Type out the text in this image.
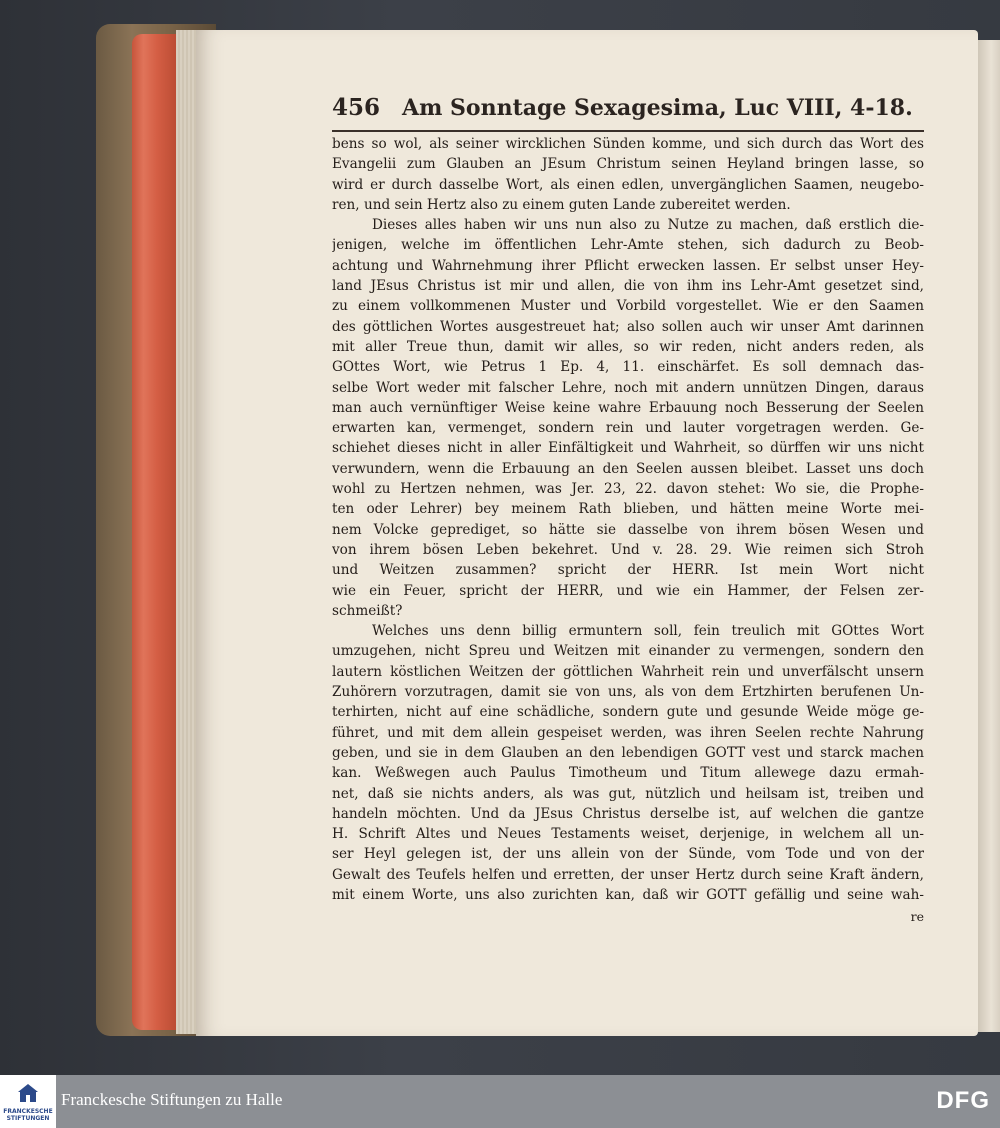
456 Am Sonntage Sexagesima, Luc VIII, 4-18.
bens so wol, als seiner wircklichen Sünden komme, und sich durch das Wort des
Evangelii zum Glauben an JEsum Christum seinen Heyland bringen lasse, so
wird er durch dasselbe Wort, als einen edlen, unvergänglichen Saamen, neugebo-
ren, und sein Hertz also zu einem guten Lande zubereitet werden.
Dieses alles haben wir uns nun also zu Nutze zu machen, daß erstlich die-
jenigen, welche im öffentlichen Lehr-Amte stehen, sich dadurch zu Beob-
achtung und Wahrnehmung ihrer Pflicht erwecken lassen. Er selbst unser Hey-
land JEsus Christus ist mir und allen, die von ihm ins Lehr-Amt gesetzet sind,
zu einem vollkommenen Muster und Vorbild vorgestellet. Wie er den Saamen
des göttlichen Wortes ausgestreuet hat; also sollen auch wir unser Amt darinnen
mit aller Treue thun, damit wir alles, so wir reden, nicht anders reden, als
GOttes Wort, wie Petrus 1 Ep. 4, 11. einschärfet. Es soll demnach das-
selbe Wort weder mit falscher Lehre, noch mit andern unnützen Dingen, daraus
man auch vernünftiger Weise keine wahre Erbauung noch Besserung der Seelen
erwarten kan, vermenget, sondern rein und lauter vorgetragen werden. Ge-
schiehet dieses nicht in aller Einfältigkeit und Wahrheit, so dürffen wir uns nicht
verwundern, wenn die Erbauung an den Seelen aussen bleibet. Lasset uns doch
wohl zu Hertzen nehmen, was Jer. 23, 22. davon stehet: Wo sie, die Prophe-
ten oder Lehrer) bey meinem Rath blieben, und hätten meine Worte mei-
nem Volcke geprediget, so hätte sie dasselbe von ihrem bösen Wesen und
von ihrem bösen Leben bekehret. Und v. 28. 29. Wie reimen sich Stroh
und Weitzen zusammen? spricht der HERR. Ist mein Wort nicht
wie ein Feuer, spricht der HERR, und wie ein Hammer, der Felsen zer-
schmeißt?
Welches uns denn billig ermuntern soll, fein treulich mit GOttes Wort
umzugehen, nicht Spreu und Weitzen mit einander zu vermengen, sondern den
lautern köstlichen Weitzen der göttlichen Wahrheit rein und unverfälscht unsern
Zuhörern vorzutragen, damit sie von uns, als von dem Ertzhirten berufenen Un-
terhirten, nicht auf eine schädliche, sondern gute und gesunde Weide möge ge-
führet, und mit dem allein gespeiset werden, was ihren Seelen rechte Nahrung
geben, und sie in dem Glauben an den lebendigen GOTT vest und starck machen
kan. Weßwegen auch Paulus Timotheum und Titum allewege dazu ermah-
net, daß sie nichts anders, als was gut, nützlich und heilsam ist, treiben und
handeln möchten. Und da JEsus Christus derselbe ist, auf welchen die gantze
H. Schrift Altes und Neues Testaments weiset, derjenige, in welchem all un-
ser Heyl gelegen ist, der uns allein von der Sünde, vom Tode und von der
Gewalt des Teufels helfen und erretten, der unser Hertz durch seine Kraft ändern,
mit einem Worte, uns also zurichten kan, daß wir GOTT gefällig und seine wah-
re
FRANCKESCHE STIFTUNGEN
Franckesche Stiftungen zu Halle	DFG
